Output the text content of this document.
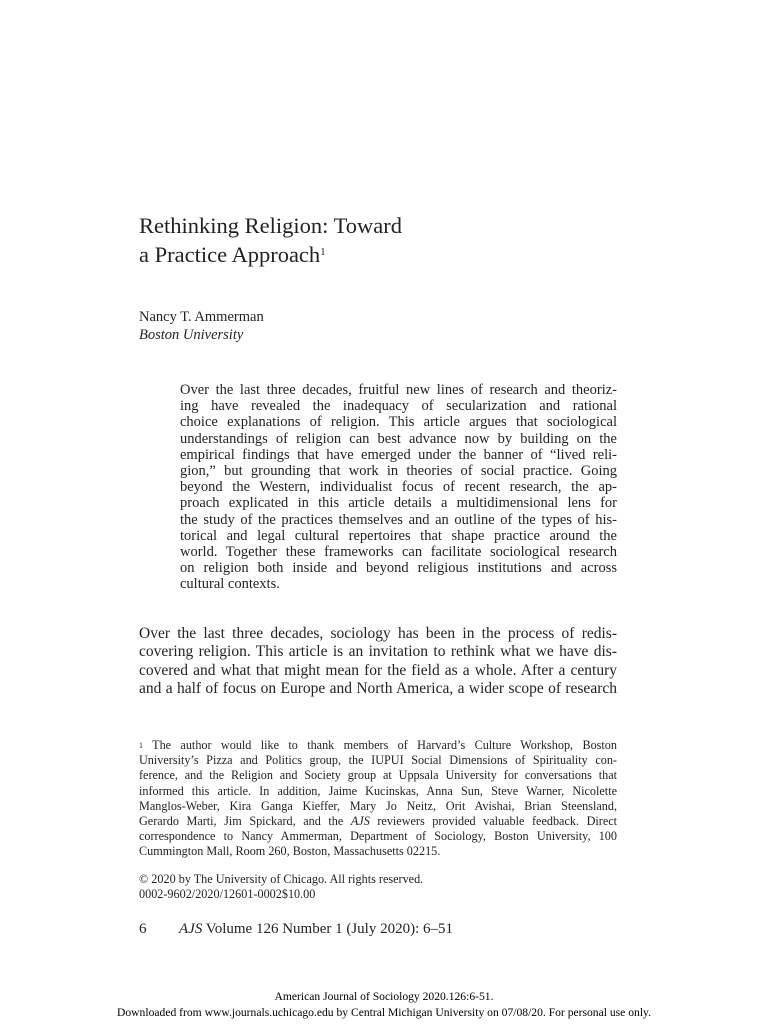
Rethinking Religion: Toward
a Practice Approach$^1$
Nancy T. Ammerman
Boston University
Over the last three decades, fruitful new lines of research and theoriz-
ing have revealed the inadequacy of secularization and rational
choice explanations of religion. This article argues that sociological
understandings of religion can best advance now by building on the
empirical findings that have emerged under the banner of “lived reli-
gion,” but grounding that work in theories of social practice. Going
beyond the Western, individualist focus of recent research, the ap-
proach explicated in this article details a multidimensional lens for
the study of the practices themselves and an outline of the types of his-
torical and legal cultural repertoires that shape practice around the
world. Together these frameworks can facilitate sociological research
on religion both inside and beyond religious institutions and across
cultural contexts.
Over the last three decades, sociology has been in the process of redis-
covering religion. This article is an invitation to rethink what we have dis-
covered and what that might mean for the field as a whole. After a century
and a half of focus on Europe and North America, a wider scope of research
$^1$ The author would like to thank members of Harvard’s Culture Workshop, Boston
University’s Pizza and Politics group, the IUPUI Social Dimensions of Spirituality con-
ference, and the Religion and Society group at Uppsala University for conversations that
informed this article. In addition, Jaime Kucinskas, Anna Sun, Steve Warner, Nicolette
Manglos-Weber, Kira Ganga Kieffer, Mary Jo Neitz, Orit Avishai, Brian Steensland,
Gerardo Marti, Jim Spickard, and the AJS reviewers provided valuable feedback. Direct
correspondence to Nancy Ammerman, Department of Sociology, Boston University, 100
Cummington Mall, Room 260, Boston, Massachusetts 02215.
© 2020 by The University of Chicago. All rights reserved.
0002-9602/2020/12601-0002$10.00
6 AJS Volume 126 Number 1 (July 2020): 6–51
American Journal of Sociology 2020.126:6-51.
Downloaded from www.journals.uchicago.edu by Central Michigan University on 07/08/20. For personal use only.
